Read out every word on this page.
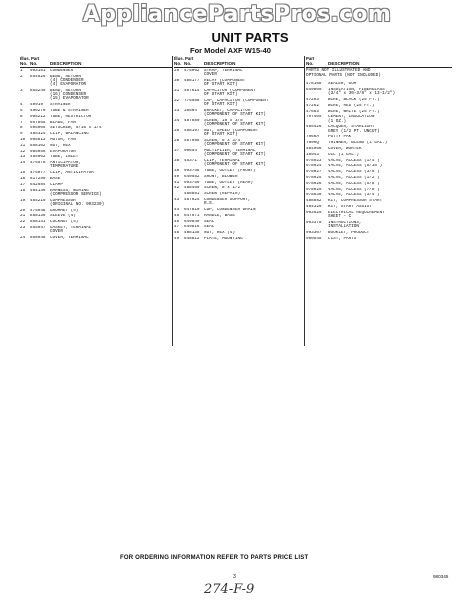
AppliancePartsPros.com
UNIT PARTS
For Model AXF W15-40
Illus. Part
No. No.	DESCRIPTION
1	993181	CONDENSER
2	854626	BEND, RETURN
(4) CONDENSER
(4) EVAPORATOR
3	855249	BEND, RETURN
(16) CONDENSER
(15) EVAPORATOR
4	40919	STRAINER
5	496270	TUBE & STRAINER
6	995212	TUBE, RESTRICTOR
7	657865	BLADE, FAN
8	595005	SETSCREW, 5/16 x 1/4
9	485324	CLIP, BALANCING
10	995813	MOTOR, FAN
11	858102	NUT, HEX
12	985055	EVAPORATOR
13	485002	TUBE, INLET
14	475578	ANTICIPATOR,
TEMPERATURE
15	475077	CLIP, ANTICIPATOR
16	817290	BASE
17	642684	CLAMP
18	484136	HARNESS, WIRING
(COMPRESSOR SERVICE)
19	484219	COMPRESSOR
(ORIGINAL NO. 993239)
20	475048	GROMMET (4)
21	858136	SLEEVE (4)
22	858131	LOCKNUT (4)
23	855947	GASKET, TERMINAL
COVER
24	858948	COVER, TERMINAL
Illus. Part
No. No.	DESCRIPTION
29	475062	STRAP, TERMINAL
COVER
30	488177	RELAY (COMPONENT
OF START KIT)
31	487614	CAPACITOR (COMPONENT
OF START KIT)
32	776568	CAP, CAPACITOR (COMPONENT
OF START KIT)
33	35564	BRACKET, CAPACITOR
(COMPONENT OF START KIT)
34	487889	SCREW, 10 x 3/8
(COMPONENT OF START KIT)
35	488197	NUT, SPEED (COMPONENT
OF START KIT)
36	487695	SCREW, 8 x 3/4
(COMPONENT OF START KIT)
37	90654	MULTIPLIER, TERMINAL
(COMPONENT OF START KIT)
38	45371	CLIP, TERMINAL
(COMPONENT OF START KIT)
39	993758	TUBE, OUTLET (FRONT)
40	649582	SHUNT, BLOWER
41	993756	TUBE, OUTLET (REAR)
42	488469	SCREW, 8 x 1/2
488881	SCREW (REPAIR)
43	487024	CONDENSER SUPPORT,
R.S.
44	647810	CUP, CONDENSER DRAIN
45	647971	HANDLE, BASE
46	649849	SEAL
47	649816	SEAL
48	488138	NUT, HEX (4)
49	648812	PLATE, MOUNTING
Part
No.	DESCRIPTION
PARTS NOT ILLUSTRATED AND
OPTIONAL PARTS (NOT INCLUDED)
478168	SEALER, GUM
649809	INSULATION, FIBERGLASS
(3/4" x 30-3/8" x 13-1/2")
47263	WIRE, BLACK (25 FT.)
47262	WIRE, RED (25 FT.)
47663	WIRE, WHITE (25 FT.)
797405	CEMENT, INSULATION
(1 OZ.)
485426	LACQUER, STARLIGHT
GREY (1/2 PT. UNCUT)
7966A	PUTTY PAK
7996Q	THINNER, BLEND (1 GAL.)
484966	COVER, WORTEK
10943	OIL (1 GAL.)
978023	VALVE, ACCESS (1/4")
978024	VALVE, ACCESS (5/16")
978027	VALVE, ACCESS (3/8")
978025	VALVE, ACCESS (1/2")
978026	VALVE, ACCESS (5/8")
978029	VALVE, ACCESS (7/8")
978030	VALVE, ACCESS (3/4")
488882	KIT, COMPRESSOR START
484320	KIT, START ASSIST
993529	ELECTRICAL REQUIREMENT
SHEET - C
993370	INSTRUCTIONS,
INSTALLATION
993307	BOOKLET, PRODUCT
980545	LIST, PARTS
FOR ORDERING INFORMATION REFER TO PARTS PRICE LIST
3	980345
274-F-9
